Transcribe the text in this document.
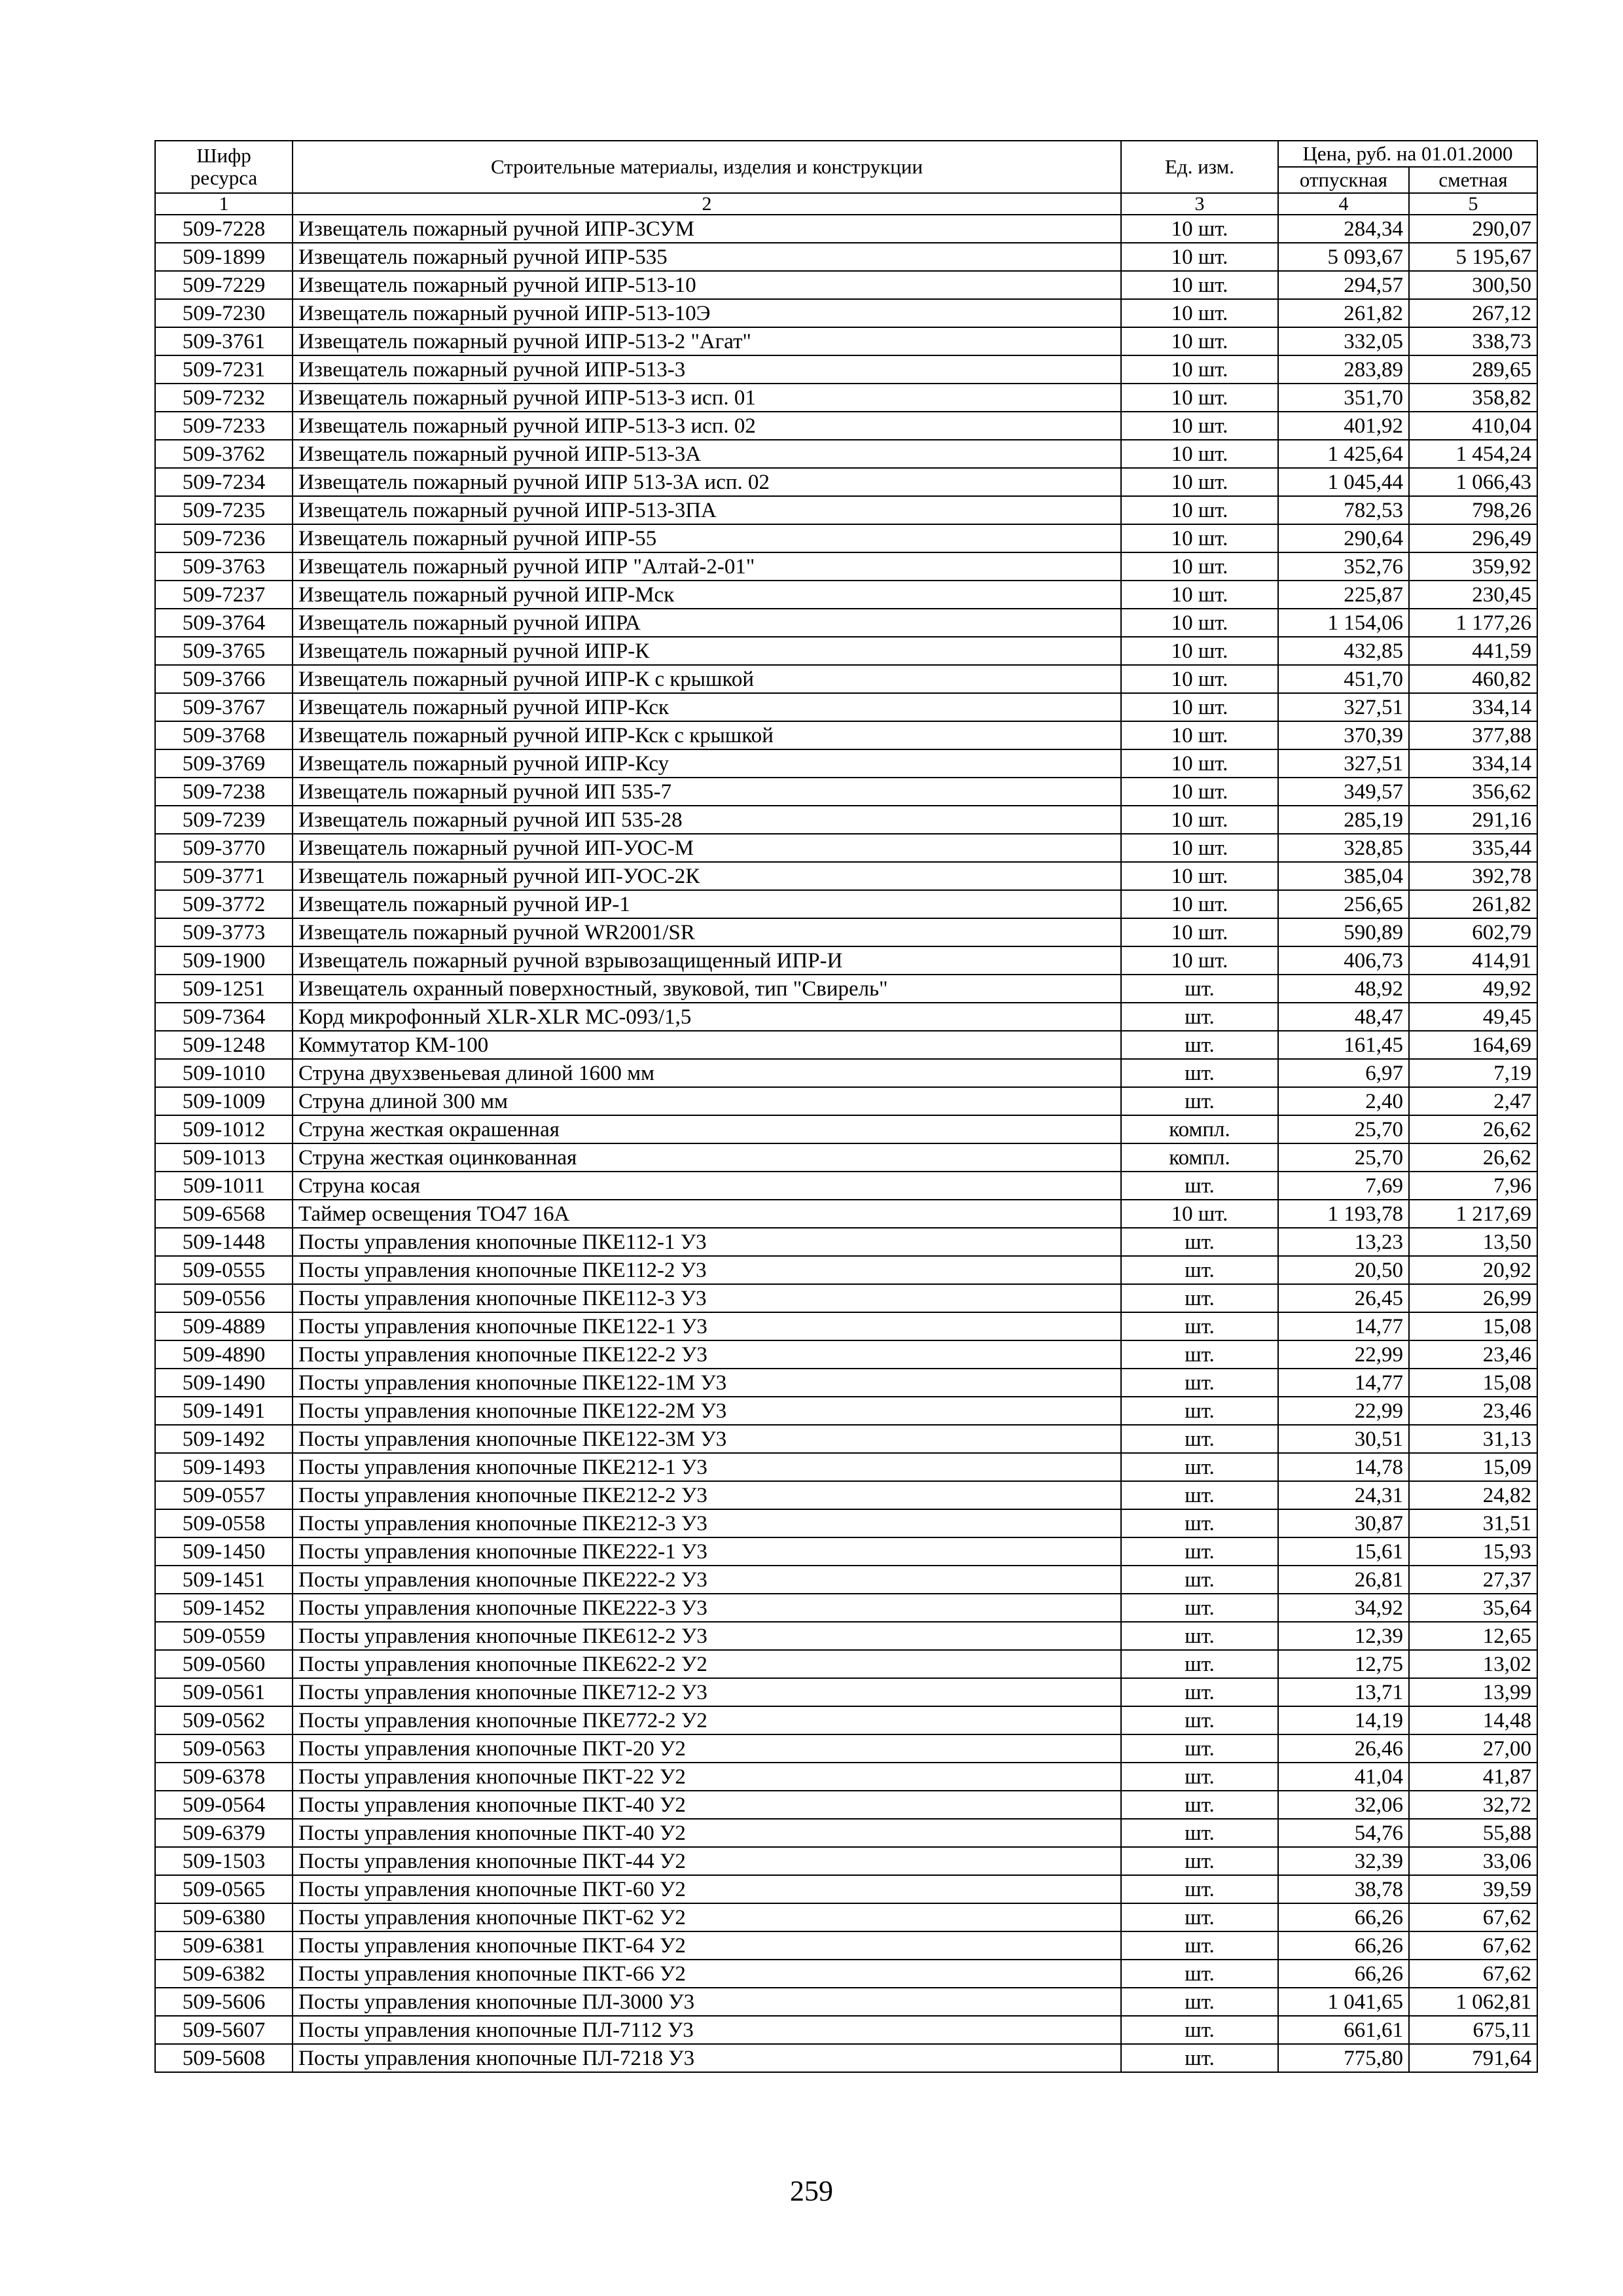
Шифр ресурса	Строительные материалы, изделия и конструкции	Ед. изм.	Цена, руб. на 01.01.2000	
			отпускная	сметная
1	2	3	4	5
509-7228	Извещатель пожарный ручной ИПР-3СУМ	10 шт.	284,34	290,07
509-1899	Извещатель пожарный ручной ИПР-535	10 шт.	5 093,67	5 195,67
509-7229	Извещатель пожарный ручной ИПР-513-10	10 шт.	294,57	300,50
509-7230	Извещатель пожарный ручной ИПР-513-10Э	10 шт.	261,82	267,12
509-3761	Извещатель пожарный ручной ИПР-513-2 "Агат"	10 шт.	332,05	338,73
509-7231	Извещатель пожарный ручной ИПР-513-3	10 шт.	283,89	289,65
509-7232	Извещатель пожарный ручной ИПР-513-3 исп. 01	10 шт.	351,70	358,82
509-7233	Извещатель пожарный ручной ИПР-513-3 исп. 02	10 шт.	401,92	410,04
509-3762	Извещатель пожарный ручной ИПР-513-3А	10 шт.	1 425,64	1 454,24
509-7234	Извещатель пожарный ручной ИПР 513-3А исп. 02	10 шт.	1 045,44	1 066,43
509-7235	Извещатель пожарный ручной ИПР-513-3ПА	10 шт.	782,53	798,26
509-7236	Извещатель пожарный ручной ИПР-55	10 шт.	290,64	296,49
509-3763	Извещатель пожарный ручной ИПР "Алтай-2-01"	10 шт.	352,76	359,92
509-7237	Извещатель пожарный ручной ИПР-Мск	10 шт.	225,87	230,45
509-3764	Извещатель пожарный ручной ИПРА	10 шт.	1 154,06	1 177,26
509-3765	Извещатель пожарный ручной ИПР-К	10 шт.	432,85	441,59
509-3766	Извещатель пожарный ручной ИПР-К с крышкой	10 шт.	451,70	460,82
509-3767	Извещатель пожарный ручной ИПР-Кск	10 шт.	327,51	334,14
509-3768	Извещатель пожарный ручной ИПР-Кск с крышкой	10 шт.	370,39	377,88
509-3769	Извещатель пожарный ручной ИПР-Ксу	10 шт.	327,51	334,14
509-7238	Извещатель пожарный ручной ИП 535-7	10 шт.	349,57	356,62
509-7239	Извещатель пожарный ручной ИП 535-28	10 шт.	285,19	291,16
509-3770	Извещатель пожарный ручной ИП-УОС-М	10 шт.	328,85	335,44
509-3771	Извещатель пожарный ручной ИП-УОС-2К	10 шт.	385,04	392,78
509-3772	Извещатель пожарный ручной ИР-1	10 шт.	256,65	261,82
509-3773	Извещатель пожарный ручной WR2001/SR	10 шт.	590,89	602,79
509-1900	Извещатель пожарный ручной взрывозащищенный ИПР-И	10 шт.	406,73	414,91
509-1251	Извещатель охранный поверхностный, звуковой, тип "Свирель"	шт.	48,92	49,92
509-7364	Корд микрофонный XLR-XLR MC-093/1,5	шт.	48,47	49,45
509-1248	Коммутатор КМ-100	шт.	161,45	164,69
509-1010	Струна двухзвеньевая длиной 1600 мм	шт.	6,97	7,19
509-1009	Струна длиной 300 мм	шт.	2,40	2,47
509-1012	Струна жесткая окрашенная	компл.	25,70	26,62
509-1013	Струна жесткая оцинкованная	компл.	25,70	26,62
509-1011	Струна косая	шт.	7,69	7,96
509-6568	Таймер освещения ТО47 16А	10 шт.	1 193,78	1 217,69
509-1448	Посты управления кнопочные ПКЕ112-1 У3	шт.	13,23	13,50
509-0555	Посты управления кнопочные ПКЕ112-2 У3	шт.	20,50	20,92
509-0556	Посты управления кнопочные ПКЕ112-3 У3	шт.	26,45	26,99
509-4889	Посты управления кнопочные ПКЕ122-1 У3	шт.	14,77	15,08
509-4890	Посты управления кнопочные ПКЕ122-2 У3	шт.	22,99	23,46
509-1490	Посты управления кнопочные ПКЕ122-1М У3	шт.	14,77	15,08
509-1491	Посты управления кнопочные ПКЕ122-2М У3	шт.	22,99	23,46
509-1492	Посты управления кнопочные ПКЕ122-3М У3	шт.	30,51	31,13
509-1493	Посты управления кнопочные ПКЕ212-1 У3	шт.	14,78	15,09
509-0557	Посты управления кнопочные ПКЕ212-2 У3	шт.	24,31	24,82
509-0558	Посты управления кнопочные ПКЕ212-3 У3	шт.	30,87	31,51
509-1450	Посты управления кнопочные ПКЕ222-1 У3	шт.	15,61	15,93
509-1451	Посты управления кнопочные ПКЕ222-2 У3	шт.	26,81	27,37
509-1452	Посты управления кнопочные ПКЕ222-3 У3	шт.	34,92	35,64
509-0559	Посты управления кнопочные ПКЕ612-2 У3	шт.	12,39	12,65
509-0560	Посты управления кнопочные ПКЕ622-2 У2	шт.	12,75	13,02
509-0561	Посты управления кнопочные ПКЕ712-2 У3	шт.	13,71	13,99
509-0562	Посты управления кнопочные ПКЕ772-2 У2	шт.	14,19	14,48
509-0563	Посты управления кнопочные ПКТ-20 У2	шт.	26,46	27,00
509-6378	Посты управления кнопочные ПКТ-22 У2	шт.	41,04	41,87
509-0564	Посты управления кнопочные ПКТ-40 У2	шт.	32,06	32,72
509-6379	Посты управления кнопочные ПКТ-40 У2	шт.	54,76	55,88
509-1503	Посты управления кнопочные ПКТ-44 У2	шт.	32,39	33,06
509-0565	Посты управления кнопочные ПКТ-60 У2	шт.	38,78	39,59
509-6380	Посты управления кнопочные ПКТ-62 У2	шт.	66,26	67,62
509-6381	Посты управления кнопочные ПКТ-64 У2	шт.	66,26	67,62
509-6382	Посты управления кнопочные ПКТ-66 У2	шт.	66,26	67,62
509-5606	Посты управления кнопочные ПЛ-3000 У3	шт.	1 041,65	1 062,81
509-5607	Посты управления кнопочные ПЛ-7112 У3	шт.	661,61	675,11
509-5608	Посты управления кнопочные ПЛ-7218 У3	шт.	775,80	791,64
259
